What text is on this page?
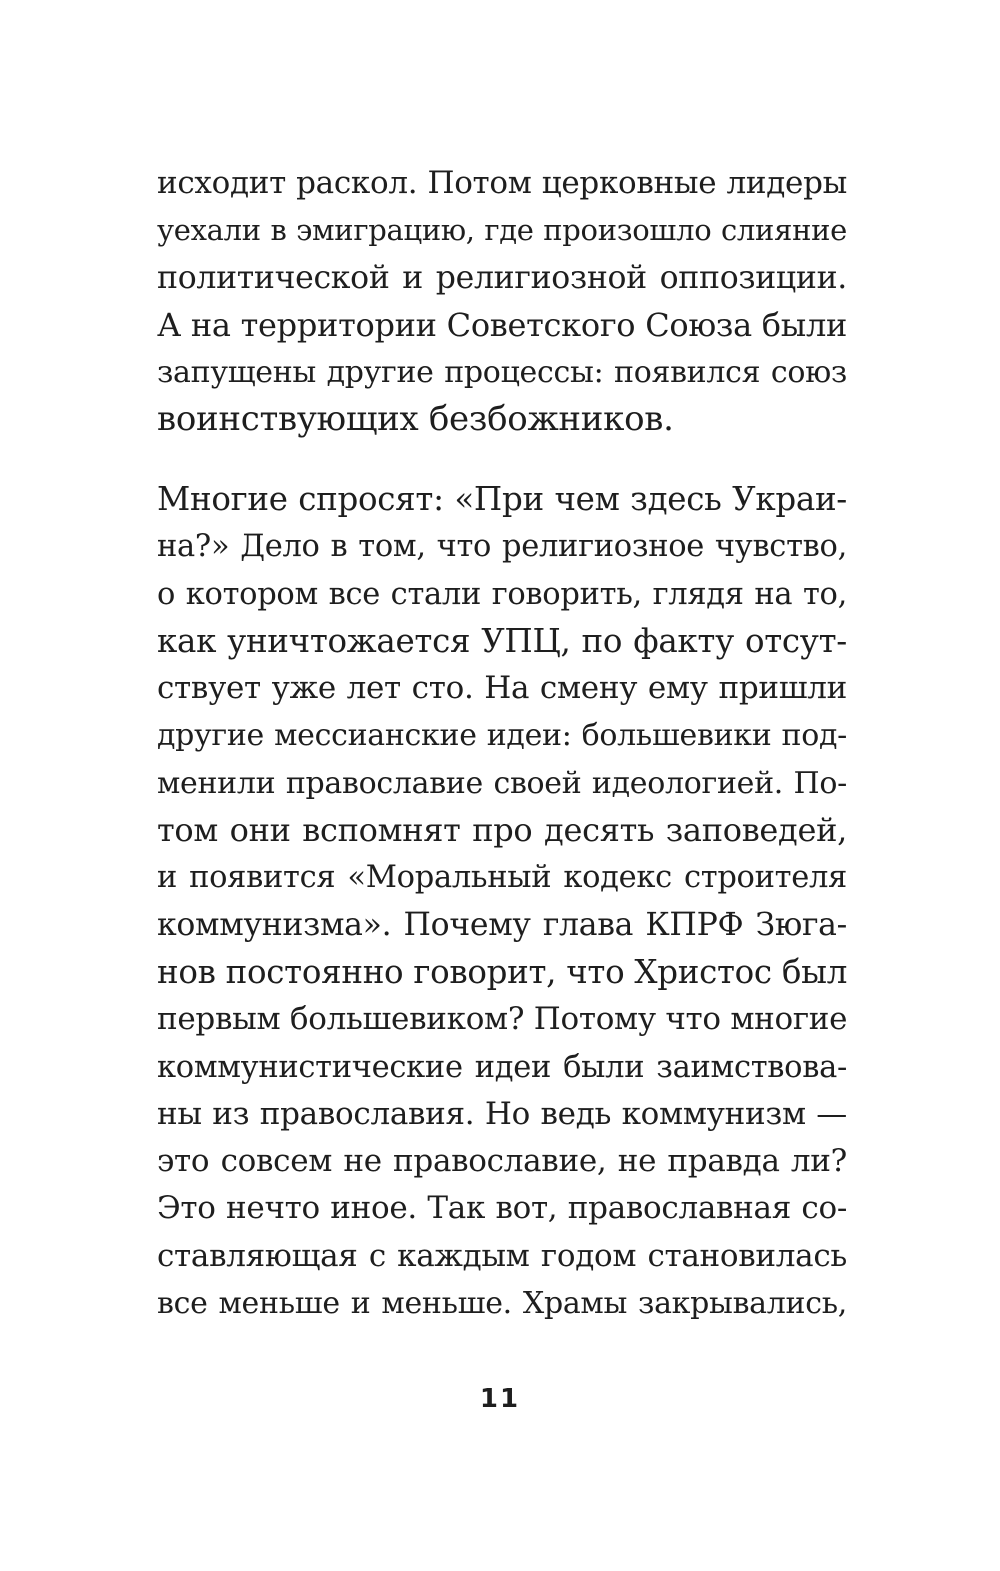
исходит раскол. Потом церковные лидеры
уехали в эмиграцию, где произошло слияние
политической и религиозной оппозиции.
А на территории Советского Союза были
запущены другие процессы: появился союз
воинствующих безбожников.

Многие спросят: «При чем здесь Украи-
на?» Дело в том, что религиозное чувство,
о котором все стали говорить, глядя на то,
как уничтожается УПЦ, по факту отсут-
ствует уже лет сто. На смену ему пришли
другие мессианские идеи: большевики под-
менили православие своей идеологией. По-
том они вспомнят про десять заповедей,
и появится «Моральный кодекс строителя
коммунизма». Почему глава КПРФ Зюга-
нов постоянно говорит, что Христос был
первым большевиком? Потому что многие
коммунистические идеи были заимствова-
ны из православия. Но ведь коммунизм —
это совсем не православие, не правда ли?
Это нечто иное. Так вот, православная со-
ставляющая с каждым годом становилась
все меньше и меньше. Храмы закрывались,

11
